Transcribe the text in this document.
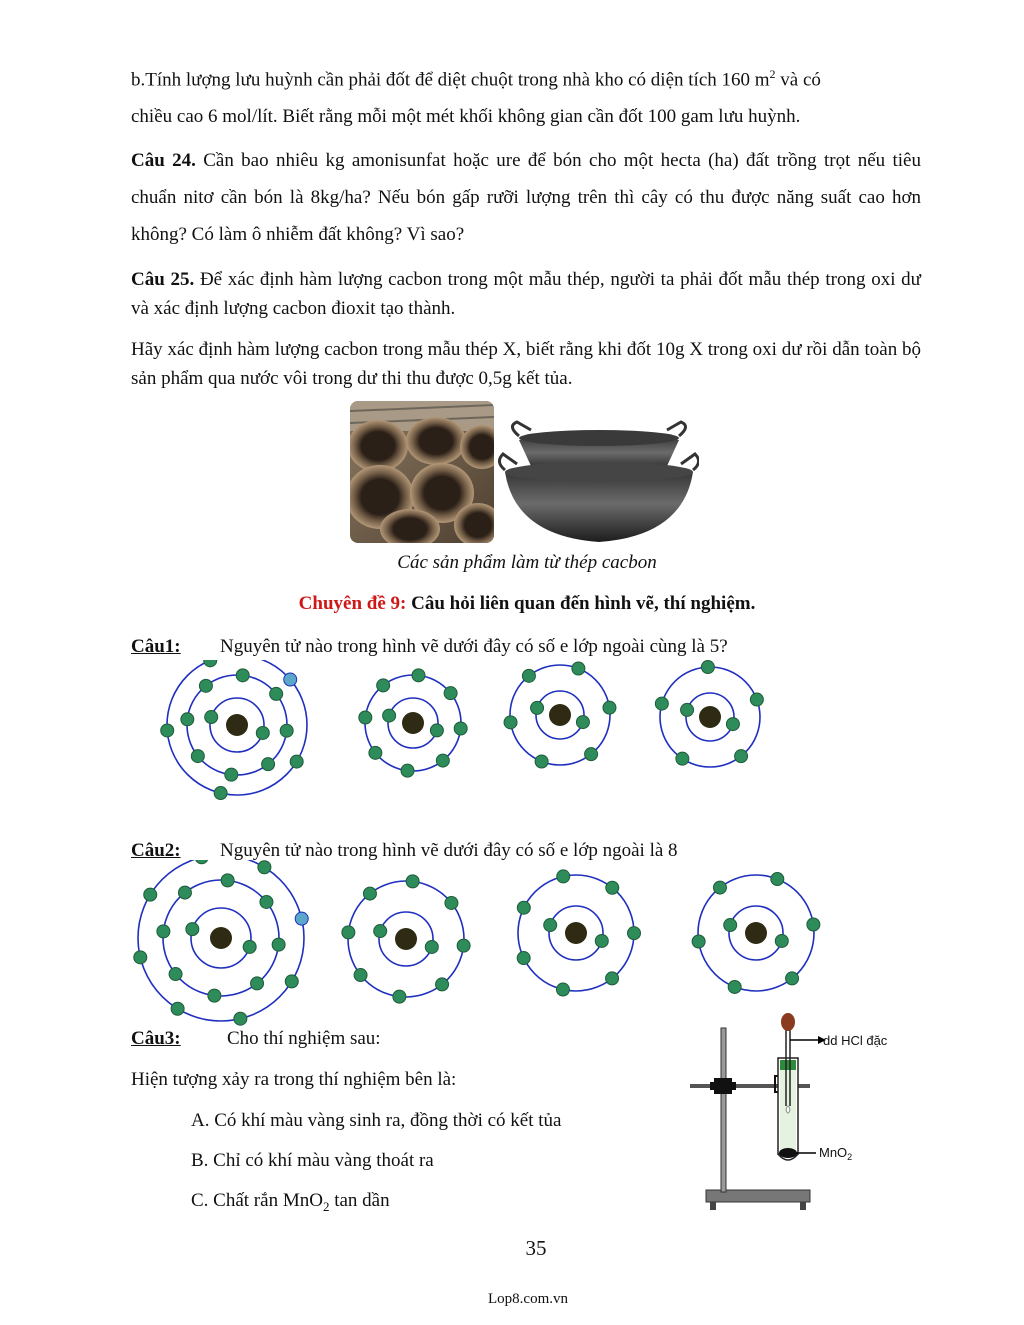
b.Tính lượng lưu huỳnh cần phải đốt để diệt chuột trong nhà kho có diện tích 160 $m^2$ và có
chiều cao 6 mol/lít. Biết rằng mỗi một mét khối không gian cần đốt 100 gam lưu huỳnh.
Câu 24. Cần bao nhiêu kg amonisunfat hoặc ure để bón cho một hecta (ha) đất trồng trọt nếu tiêu chuẩn nitơ cần bón là 8kg/ha? Nếu bón gấp rưỡi lượng trên thì cây có thu được năng suất cao hơn không? Có làm ô nhiễm đất không? Vì sao?
Câu 25. Để xác định hàm lượng cacbon trong một mẫu thép, người ta phải đốt mẫu thép trong oxi dư và xác định lượng cacbon đioxit tạo thành.
Hãy xác định hàm lượng cacbon trong mẫu thép X, biết rằng khi đốt 10g X trong oxi dư rồi dẫn toàn bộ sản phẩm qua nước vôi trong dư thi thu được 0,5g kết tủa.
Các sản phẩm làm từ thép cacbon
Chuyên đề 9: Câu hỏi liên quan đến hình vẽ, thí nghiệm.
Câu1: Nguyên tử nào trong hình vẽ dưới đây có số e lớp ngoài cùng là 5?
Câu2: Nguyên tử nào trong hình vẽ dưới đây có số e lớp ngoài là 8
Câu3: Cho thí nghiệm sau:
Hiện tượng xảy ra trong thí nghiệm bên là:
A. Có khí màu vàng sinh ra, đồng thời có kết tủa
B. Chỉ có khí màu vàng thoát ra
C. Chất rắn MnO$_2$ tan dần
dd HCl đặc
MnO$_2$
35
Lop8.com.vn
